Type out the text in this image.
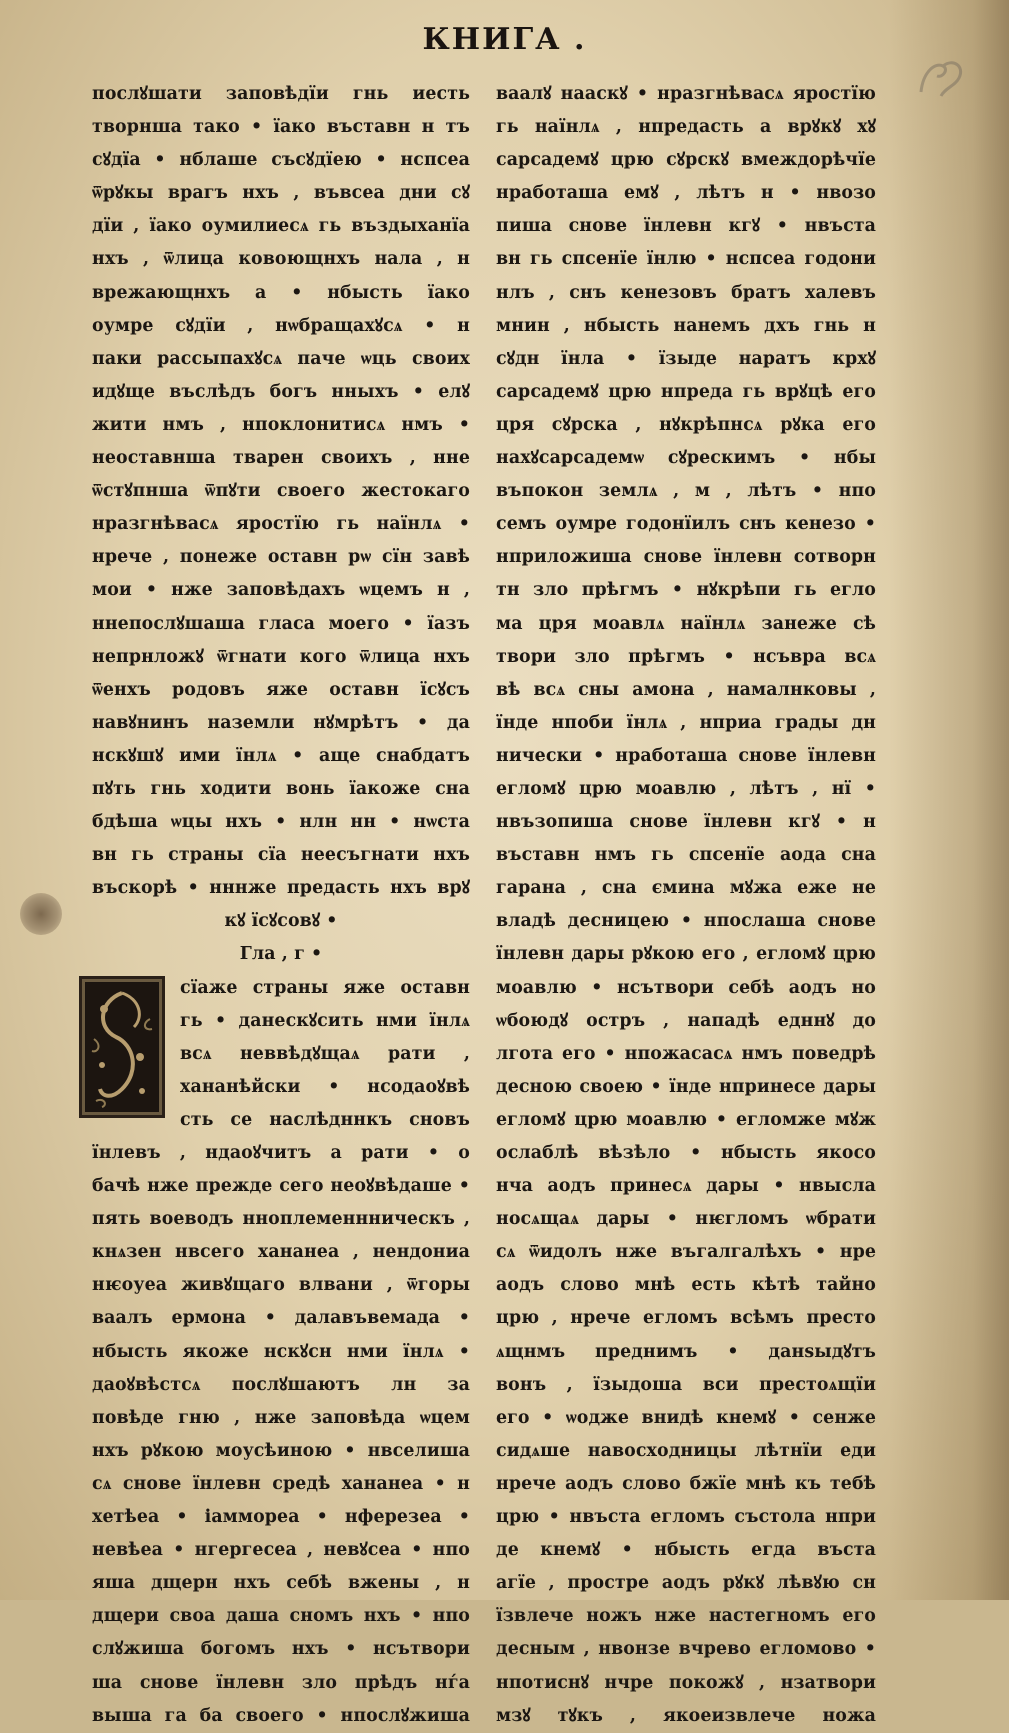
КНИГА .
послꙋшати заповѣдїи гнь иесть
творнша тако • їако въставн н тъ
сꙋдїа • нблаше съсꙋдїею • нспсеа
ѿрꙋкы врагъ нхъ , въвсеа дни сꙋ
дїи , їако оумилиесѧ гь въздыханїа
нхъ , ѿлица ковоющнхъ нала , н
врежающнхъ а • нбысть їако
оумре сꙋдїи , нѡбращахꙋсѧ • н
паки рассыпахꙋсѧ паче ѡць своих
идꙋще въслѣдъ богъ нныхъ • елꙋ
жити нмъ , нпоклонитисѧ нмъ •
неоставнша тварен своихъ , нне
ѿстꙋпнша ѿпꙋти своего жестокаго
нразгнѣвасѧ яростїю гь наїнлѧ •
нрече , понеже оставн рѡ сїн завѣ
мои • нже заповѣдахъ ѡцемъ н ,
ннепослꙋшаша гласа моего • їазъ
непрнложꙋ ѿгнати кого ѿлица нхъ
ѿенхъ родовъ яже оставн їсꙋсъ
навꙋнинъ наземли нꙋмрѣтъ • да
нскꙋшꙋ ими їнлѧ • аще снабдатъ
пꙋть гнь ходити вонь їакоже сна
бдѣша ѡцы нхъ • нлн нн • нѡста
вн гь страны сїа неесъгнати нхъ
въскорѣ • нннже предасть нхъ врꙋ
кꙋ їсꙋсовꙋ •
Гла , г •
сїаже страны яже оставн
гь • данескꙋсить нми їнлѧ
всѧ неввѣдꙋщаѧ рати ,
хананѣйски • нсодаоꙋвѣ
сть се наслѣдннкъ сновъ
їнлевъ , ндаоꙋчитъ а рати • о
бачѣ нже прежде сего неоꙋвѣдаше •
пять воеводъ нноплеменнническъ ,
кнѧзен нвсего хананеа , нендониа
нѥоуеа живꙋщаго влвани , ѿгоры
ваалъ ермона • далавъвемада •
нбысть якоже нскꙋсн нми їнлѧ •
даоꙋвѣстсѧ послꙋшаютъ лн за
повѣде гню , нже заповѣда ѡцем
нхъ рꙋкою моусѣиною • нвселиша
сѧ снове їнлевн средѣ хананеа • н
хетѣеа • іаммореа • нферезеа •
невѣеа • нгергесеа , невꙋсеа • нпо
яша дщерн нхъ себѣ вжены , н
дщери своа даша сномъ нхъ • нпо
слꙋжиша богомъ нхъ • нсътвори
ша снове їнлевн зло прѣдъ нѓа
выша га ба своего • нпослꙋжиша
ваалꙋ нааскꙋ • нразгнѣвасѧ яростїю
гь наїнлѧ , нпредасть а врꙋкꙋ хꙋ
сарсадемꙋ црю сꙋрскꙋ вмеждорѣчїе
нработаша емꙋ , лѣтъ н • нвозо
пиша снове їнлевн кгꙋ • нвъста
вн гь спсенїе їнлю • нспсеа годони
нлъ , снъ кенезовъ братъ халевъ
мнин , нбысть нанемъ дхъ гнь н
сꙋдн їнла • їзыде наратъ крхꙋ
сарсадемꙋ црю нпреда гь врꙋцѣ его
цря сꙋрска , нꙋкрѣпнсѧ рꙋка его
нахꙋсарсадемѡ сꙋрескимъ • нбы
въпокон землѧ , м , лѣтъ • нпо
семъ оумре годонїилъ снъ кенезо •
нприложиша снове їнлевн сотворн
тн зло прѣгмъ • нꙋкрѣпи гь егло
ма цря моавлѧ наїнлѧ занеже сѣ
твори зло прѣгмъ • нсъвра всѧ
вѣ всѧ сны амона , намалнковы ,
їнде нпоби їнлѧ , нприа грады дн
нически • нработаша снове їнлевн
егломꙋ црю моавлю , лѣтъ , нї •
нвъзопиша снове їнлевн кгꙋ • н
въставн нмъ гь спсенїе аода сна
гарана , сна ємина мꙋжа еже не
владѣ десницею • нпослаша снове
їнлевн дары рꙋкою его , егломꙋ црю
моавлю • нсътвори себѣ аодъ но
ѡбоюдꙋ остръ , нападѣ едннꙋ до
лгота его • нпожасасѧ нмъ поведрѣ
десною своею • їнде нпринесе дары
егломꙋ црю моавлю • егломже мꙋж
ослаблѣ вѣзѣло • нбысть якосо
нча аодъ принесѧ дары • нвысла
носѧщаѧ дары • нѥгломъ ѡбрати
сѧ ѿидолъ нже въгалгалѣхъ • нре
аодъ слово мнѣ есть кѣтѣ тайно
црю , нрече егломъ всѣмъ престо
ѧщнмъ преднимъ • данѕыдꙋтъ
вонъ , їзыдоша вси престоѧщїи
его • ѡодже внидѣ кнемꙋ • сенже
сидѧше навосходницы лѣтнїи еди
нрече аодъ слово бжїе мнѣ къ тебѣ
црю • нвъста егломъ състола нпри
де кнемꙋ • нбысть егда въста
агїе , простре аодъ рꙋкꙋ лѣвꙋю сн
їзвлече ножъ нже настегномъ его
десным , нвонзе вчрево егломово •
нпотиснꙋ нчре покожꙋ , нзатвори
мзꙋ тꙋкъ , якоеизвлече ножа
